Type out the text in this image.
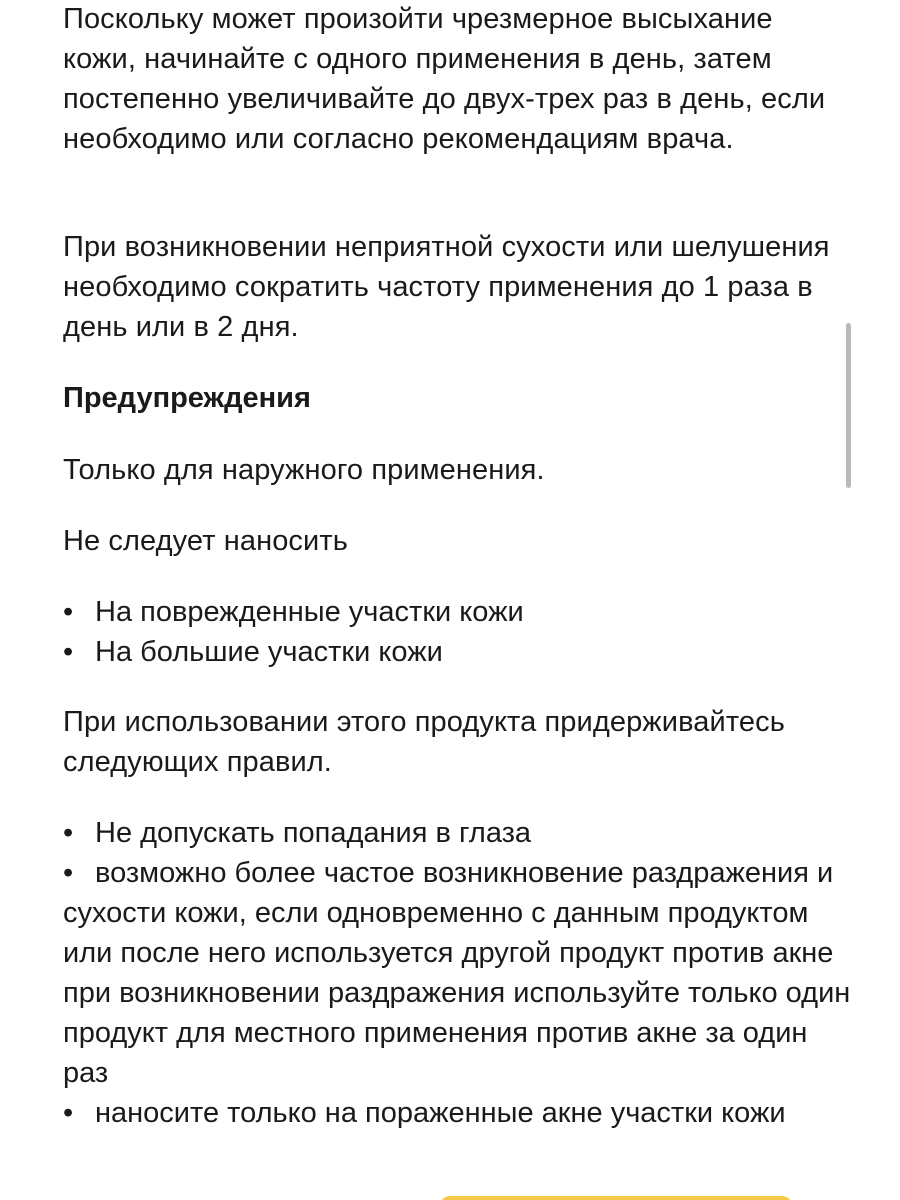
Поскольку может произойти чрезмерное высыхание кожи, начинайте с одного применения в день, затем постепенно увеличивайте до двух-трех раз в день, если необходимо или согласно рекомендациям врача.

При возникновении неприятной сухости или шелушения необходимо сократить частоту применения до 1 раза в день или в 2 дня.

Предупреждения

Только для наружного применения.

Не следует наносить

• На поврежденные участки кожи
• На большие участки кожи

При использовании этого продукта придерживайтесь следующих правил.

• Не допускать попадания в глаза
• возможно более частое возникновение раздражения и сухости кожи, если одновременно с данным продуктом или после него используется другой продукт против акне при возникновении раздражения используйте только один продукт для местного применения против акне за один раз
• наносите только на пораженные акне участки кожи
